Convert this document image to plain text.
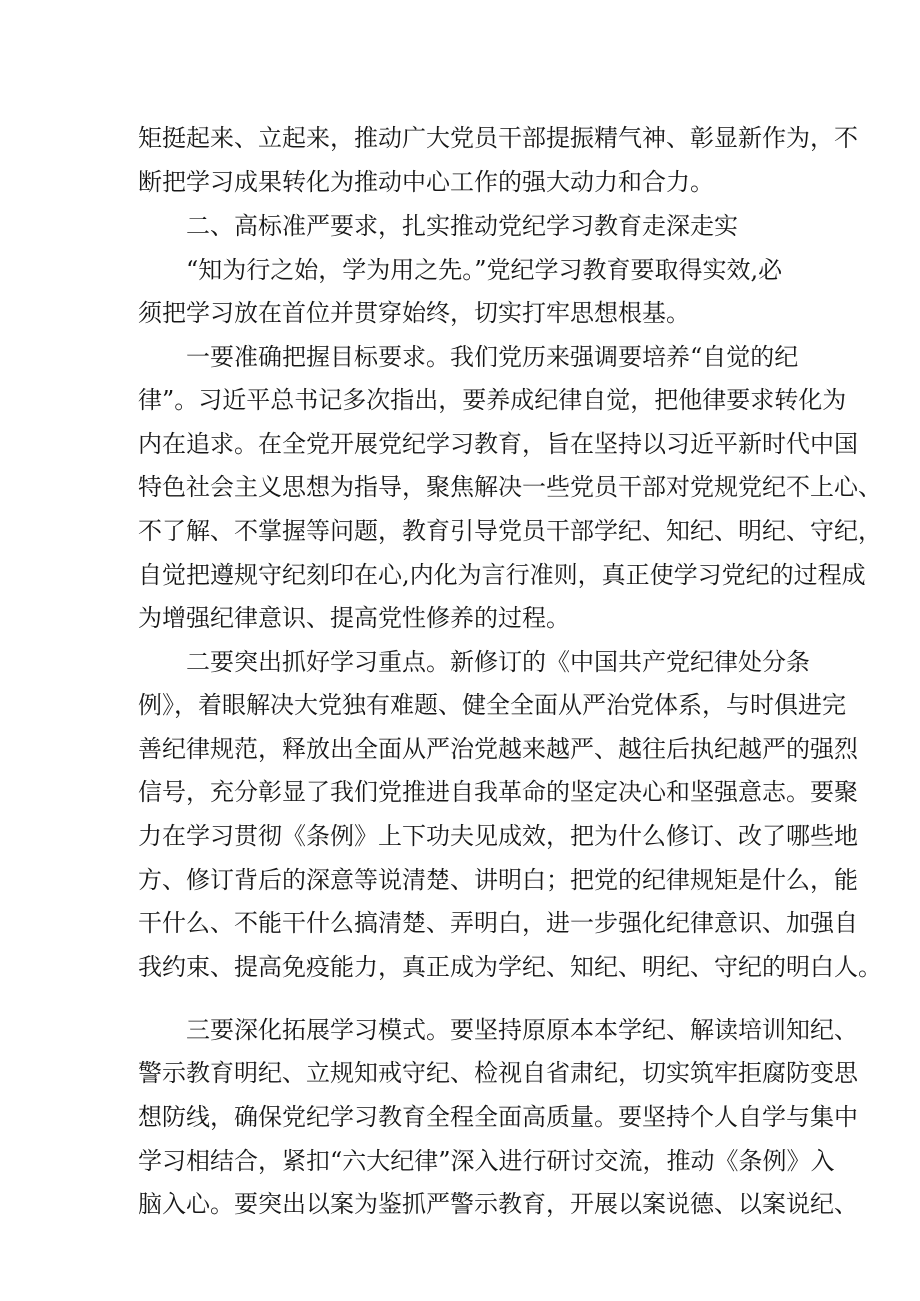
矩挺起来、立起来，推动广大党员干部提振精气神、彰显新作为，不
断把学习成果转化为推动中心工作的强大动力和合力。
二、高标准严要求，扎实推动党纪学习教育走深走实
“知为行之始，学为用之先。”党纪学习教育要取得实效,必
须把学习放在首位并贯穿始终，切实打牢思想根基。
一要准确把握目标要求。我们党历来强调要培养“自觉的纪
律”。习近平总书记多次指出，要养成纪律自觉，把他律要求转化为
内在追求。在全党开展党纪学习教育，旨在坚持以习近平新时代中国
特色社会主义思想为指导，聚焦解决一些党员干部对党规党纪不上心、
不了解、不掌握等问题，教育引导党员干部学纪、知纪、明纪、守纪，
自觉把遵规守纪刻印在心,内化为言行准则，真正使学习党纪的过程成
为增强纪律意识、提高党性修养的过程。
二要突出抓好学习重点。新修订的《中国共产党纪律处分条
例》，着眼解决大党独有难题、健全全面从严治党体系，与时俱进完
善纪律规范，释放出全面从严治党越来越严、越往后执纪越严的强烈
信号，充分彰显了我们党推进自我革命的坚定决心和坚强意志。要聚
力在学习贯彻《条例》上下功夫见成效，把为什么修订、改了哪些地
方、修订背后的深意等说清楚、讲明白；把党的纪律规矩是什么，能
干什么、不能干什么搞清楚、弄明白，进一步强化纪律意识、加强自
我约束、提高免疫能力，真正成为学纪、知纪、明纪、守纪的明白人。
三要深化拓展学习模式。要坚持原原本本学纪、解读培训知纪、
警示教育明纪、立规知戒守纪、检视自省肃纪，切实筑牢拒腐防变思
想防线，确保党纪学习教育全程全面高质量。要坚持个人自学与集中
学习相结合，紧扣“六大纪律”深入进行研讨交流，推动《条例》入
脑入心。要突出以案为鉴抓严警示教育，开展以案说德、以案说纪、
